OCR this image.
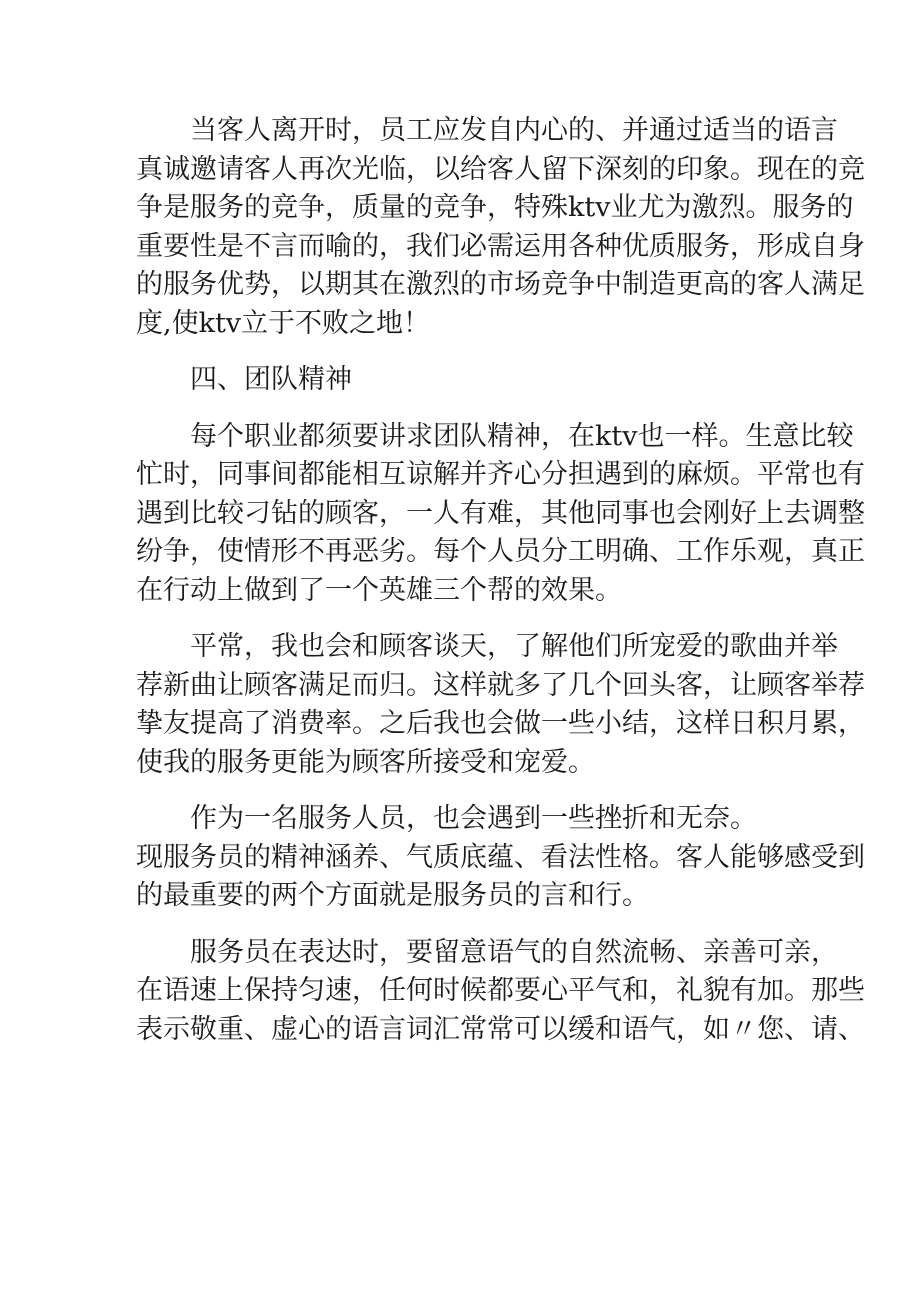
当客人离开时，员工应发自内心的、并通过适当的语言
真诚邀请客人再次光临，以给客人留下深刻的印象。现在的竞
争是服务的竞争，质量的竞争，特殊ktv业尤为激烈。服务的
重要性是不言而喻的，我们必需运用各种优质服务，形成自身
的服务优势，以期其在激烈的市场竞争中制造更高的客人满足
度,使ktv立于不败之地！
四、团队精神
每个职业都须要讲求团队精神，在ktv也一样。生意比较
忙时，同事间都能相互谅解并齐心分担遇到的麻烦。平常也有
遇到比较刁钻的顾客，一人有难，其他同事也会刚好上去调整
纷争，使情形不再恶劣。每个人员分工明确、工作乐观，真正
在行动上做到了一个英雄三个帮的效果。
平常，我也会和顾客谈天，了解他们所宠爱的歌曲并举
荐新曲让顾客满足而归。这样就多了几个回头客，让顾客举荐
挚友提高了消费率。之后我也会做一些小结，这样日积月累，
使我的服务更能为顾客所接受和宠爱。
作为一名服务人员，也会遇到一些挫折和无奈。
现服务员的精神涵养、气质底蕴、看法性格。客人能够感受到
的最重要的两个方面就是服务员的言和行。
服务员在表达时，要留意语气的自然流畅、亲善可亲，
在语速上保持匀速，任何时候都要心平气和，礼貌有加。那些
表示敬重、虚心的语言词汇常常可以缓和语气，如〃您、请、
